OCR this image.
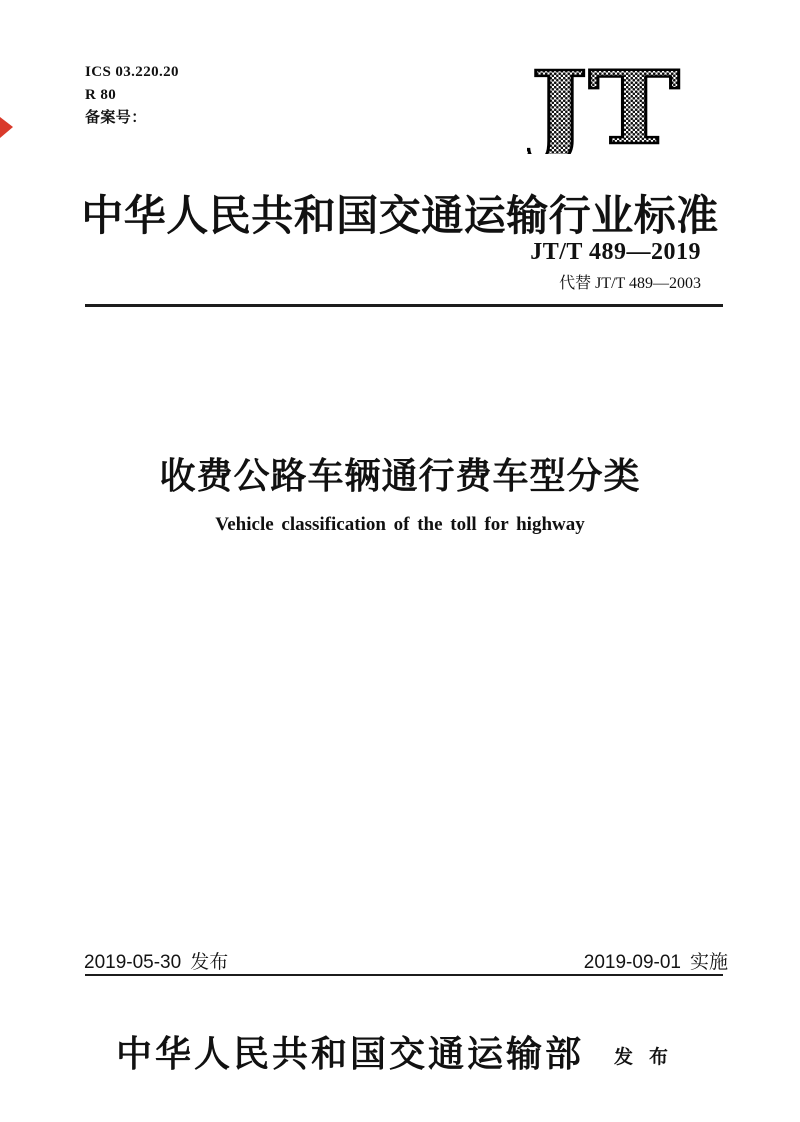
ICS 03.220.20
R 80
备案号：	JT
中华人民共和国交通运输行业标准
JT/T 489—2019
代替 JT/T 489—2003
收费公路车辆通行费车型分类
Vehicle classification of the toll for highway
2019-05-30 发布	2019-09-01 实施
中华人民共和国交通运输部 发布
